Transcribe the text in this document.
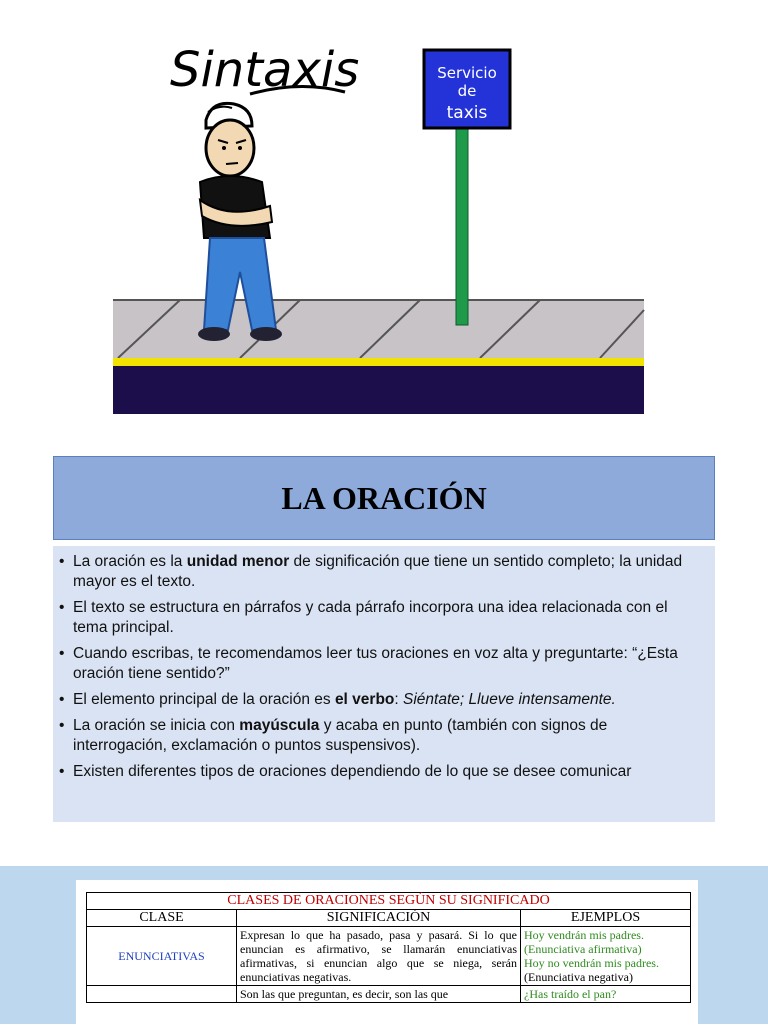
Sintaxis	Servicio
de
taxis
LA ORACIÓN
• La oración es la unidad menor de significación que tiene un sentido completo; la unidad mayor es el texto.
• El texto se estructura en párrafos y cada párrafo incorpora una idea relacionada con el tema principal.
• Cuando escribas, te recomendamos leer tus oraciones en voz alta y preguntarte: “¿Esta oración tiene sentido?”
• El elemento principal de la oración es el verbo: Siéntate; Llueve intensamente.
• La oración se inicia con mayúscula y acaba en punto (también con signos de interrogación, exclamación o puntos suspensivos).
• Existen diferentes tipos de oraciones dependiendo de lo que se desee comunicar
CLASES DE ORACIONES SEGÚN SU SIGNIFICADO		
CLASE	SIGNIFICACIÓN	EJEMPLOS
ENUNCIATIVAS	Expresan lo que ha pasado, pasa y pasará. Si lo que enuncian es afirmativo, se llamarán enunciativas afirmativas, si enuncian algo que se niega, serán enunciativas negativas.	Hoy vendrán mis padres.
(Enunciativa afirmativa)
Hoy no vendrán mis padres.
(Enunciativa negativa)

	Son las que preguntan, es decir, son las que	¿Has traído el pan?
